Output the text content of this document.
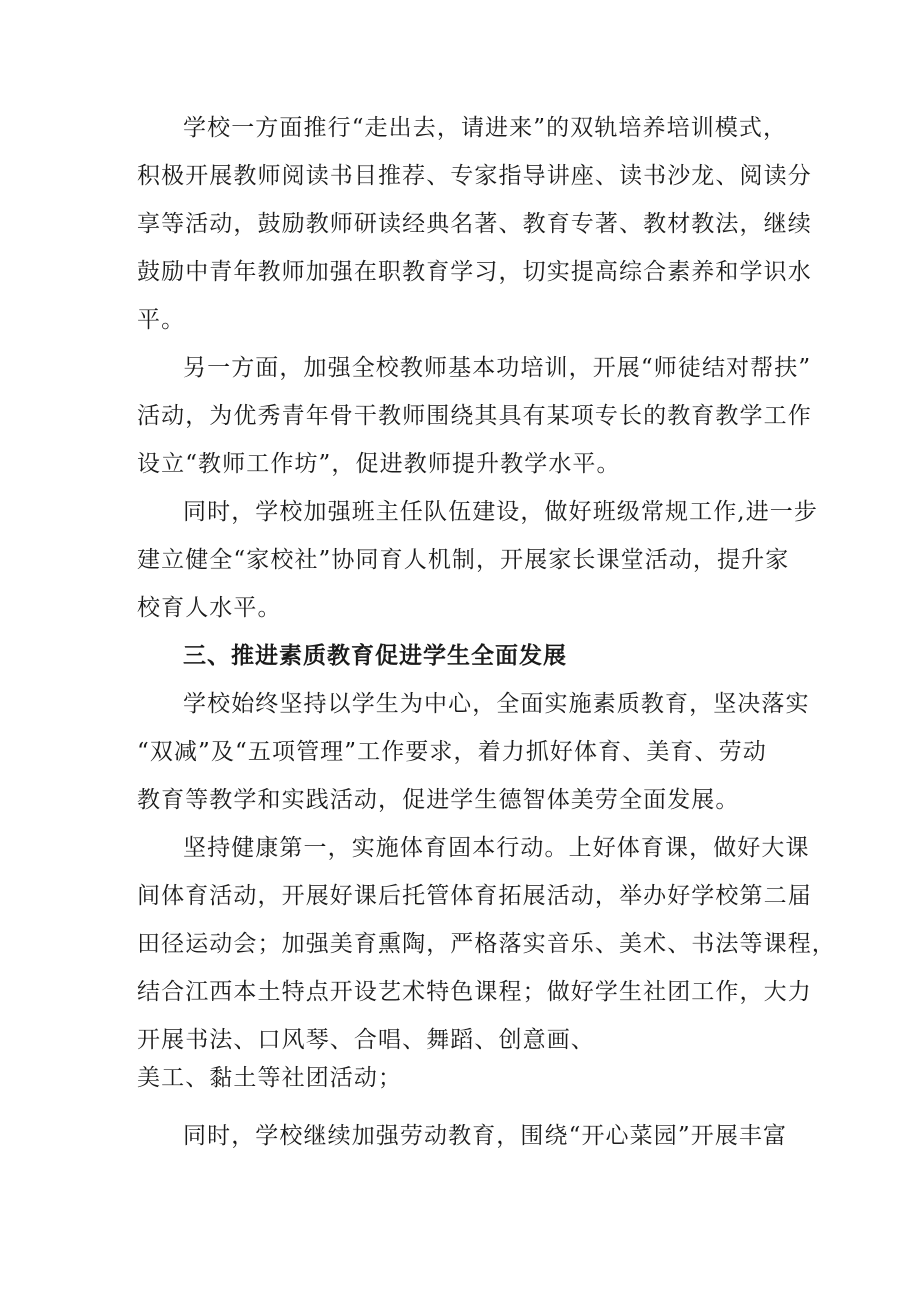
学校一方面推行“走出去，请进来”的双轨培养培训模式，
积极开展教师阅读书目推荐、专家指导讲座、读书沙龙、阅读分
享等活动，鼓励教师研读经典名著、教育专著、教材教法，继续
鼓励中青年教师加强在职教育学习，切实提高综合素养和学识水
平。
另一方面，加强全校教师基本功培训，开展“师徒结对帮扶”
活动，为优秀青年骨干教师围绕其具有某项专长的教育教学工作
设立“教师工作坊”，促进教师提升教学水平。
同时，学校加强班主任队伍建设，做好班级常规工作,进一步
建立健全“家校社”协同育人机制，开展家长课堂活动，提升家
校育人水平。
三、推进素质教育促进学生全面发展
学校始终坚持以学生为中心，全面实施素质教育，坚决落实
“双减”及“五项管理”工作要求，着力抓好体育、美育、劳动
教育等教学和实践活动，促进学生德智体美劳全面发展。
坚持健康第一，实施体育固本行动。上好体育课，做好大课
间体育活动，开展好课后托管体育拓展活动，举办好学校第二届
田径运动会；加强美育熏陶，严格落实音乐、美术、书法等课程，
结合江西本土特点开设艺术特色课程；做好学生社团工作，大力
开展书法、口风琴、合唱、舞蹈、创意画、
美工、黏土等社团活动；
同时，学校继续加强劳动教育，围绕“开心菜园”开展丰富
